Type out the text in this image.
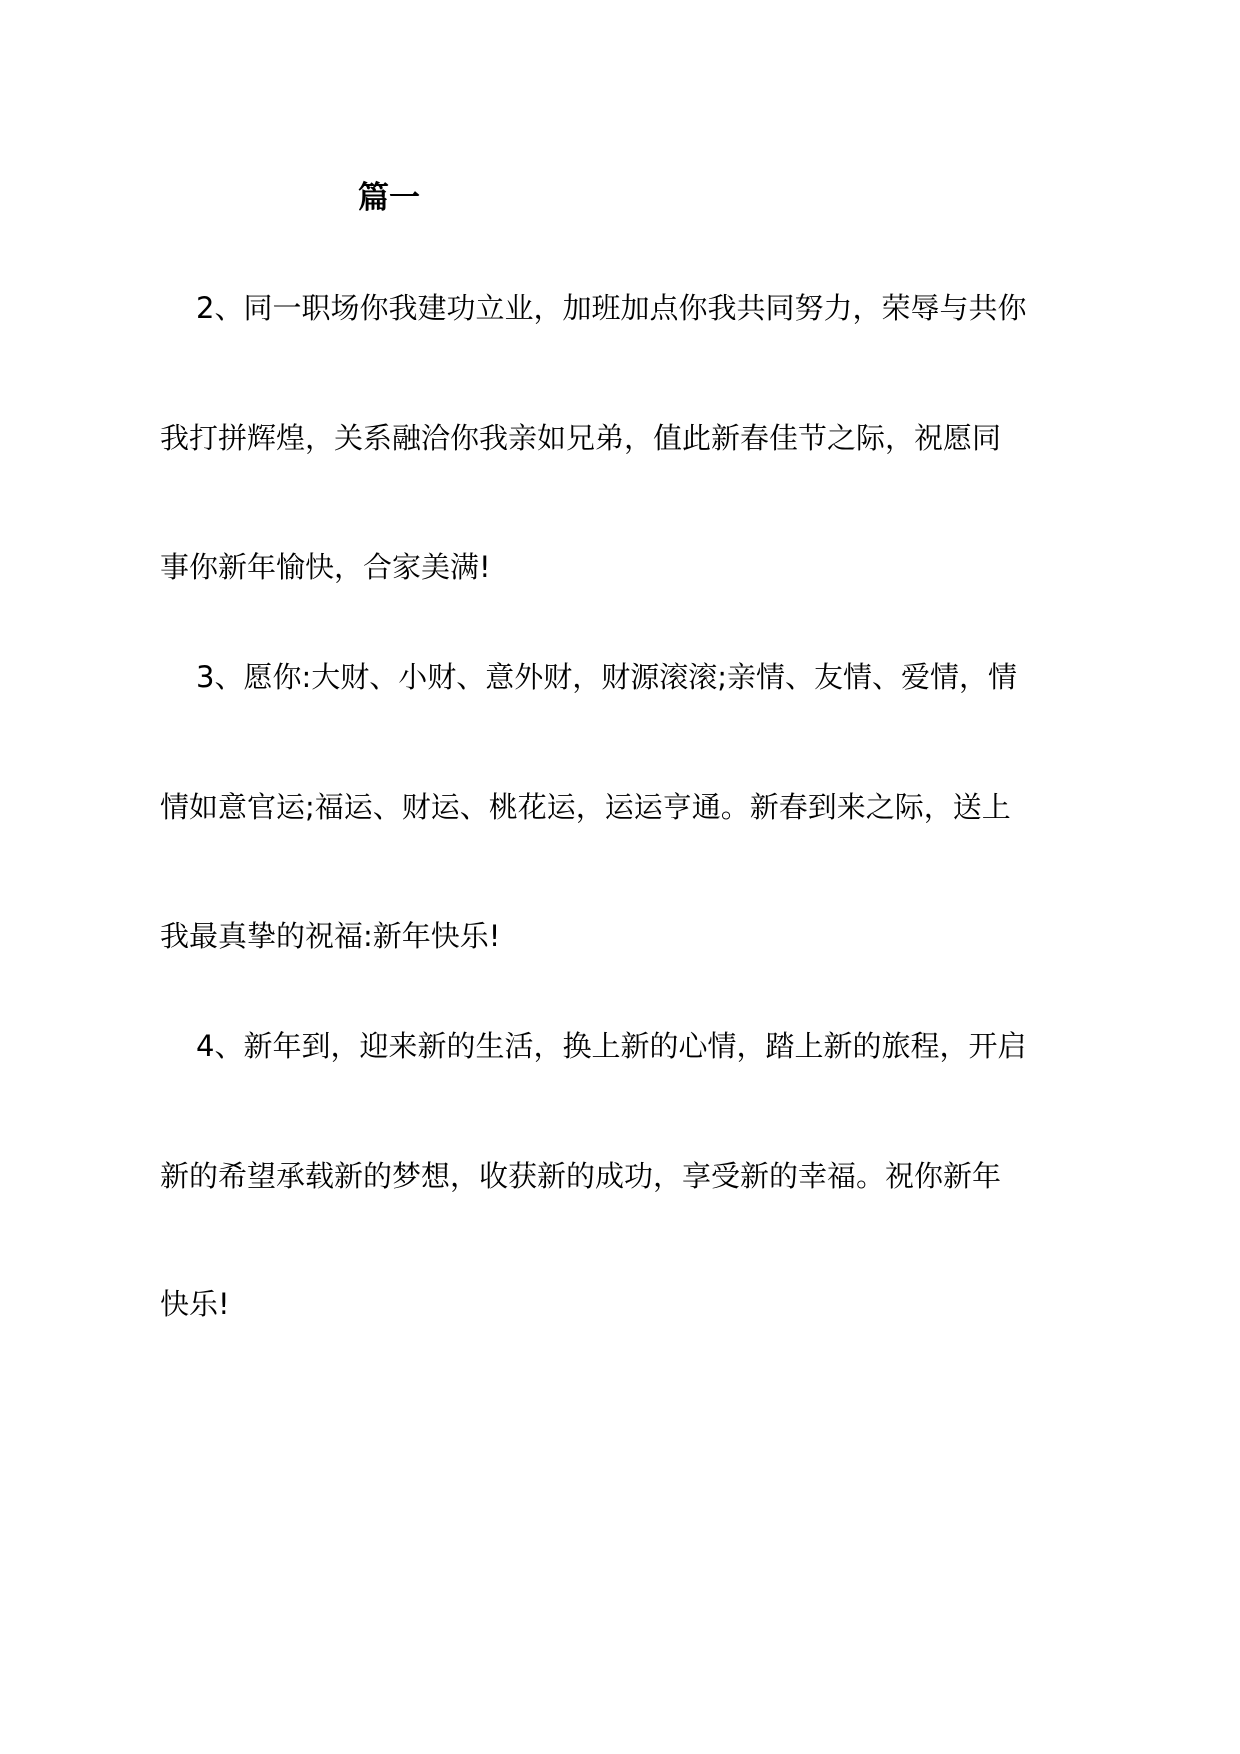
篇一

2、同一职场你我建功立业，加班加点你我共同努力，荣辱与共你

我打拼辉煌，关系融洽你我亲如兄弟，值此新春佳节之际，祝愿同

事你新年愉快，合家美满!

3、愿你:大财、小财、意外财，财源滚滚;亲情、友情、爱情，情

情如意官运;福运、财运、桃花运，运运亨通。新春到来之际，送上

我最真挚的祝福:新年快乐!

4、新年到，迎来新的生活，换上新的心情，踏上新的旅程，开启

新的希望承载新的梦想，收获新的成功，享受新的幸福。祝你新年

快乐!
